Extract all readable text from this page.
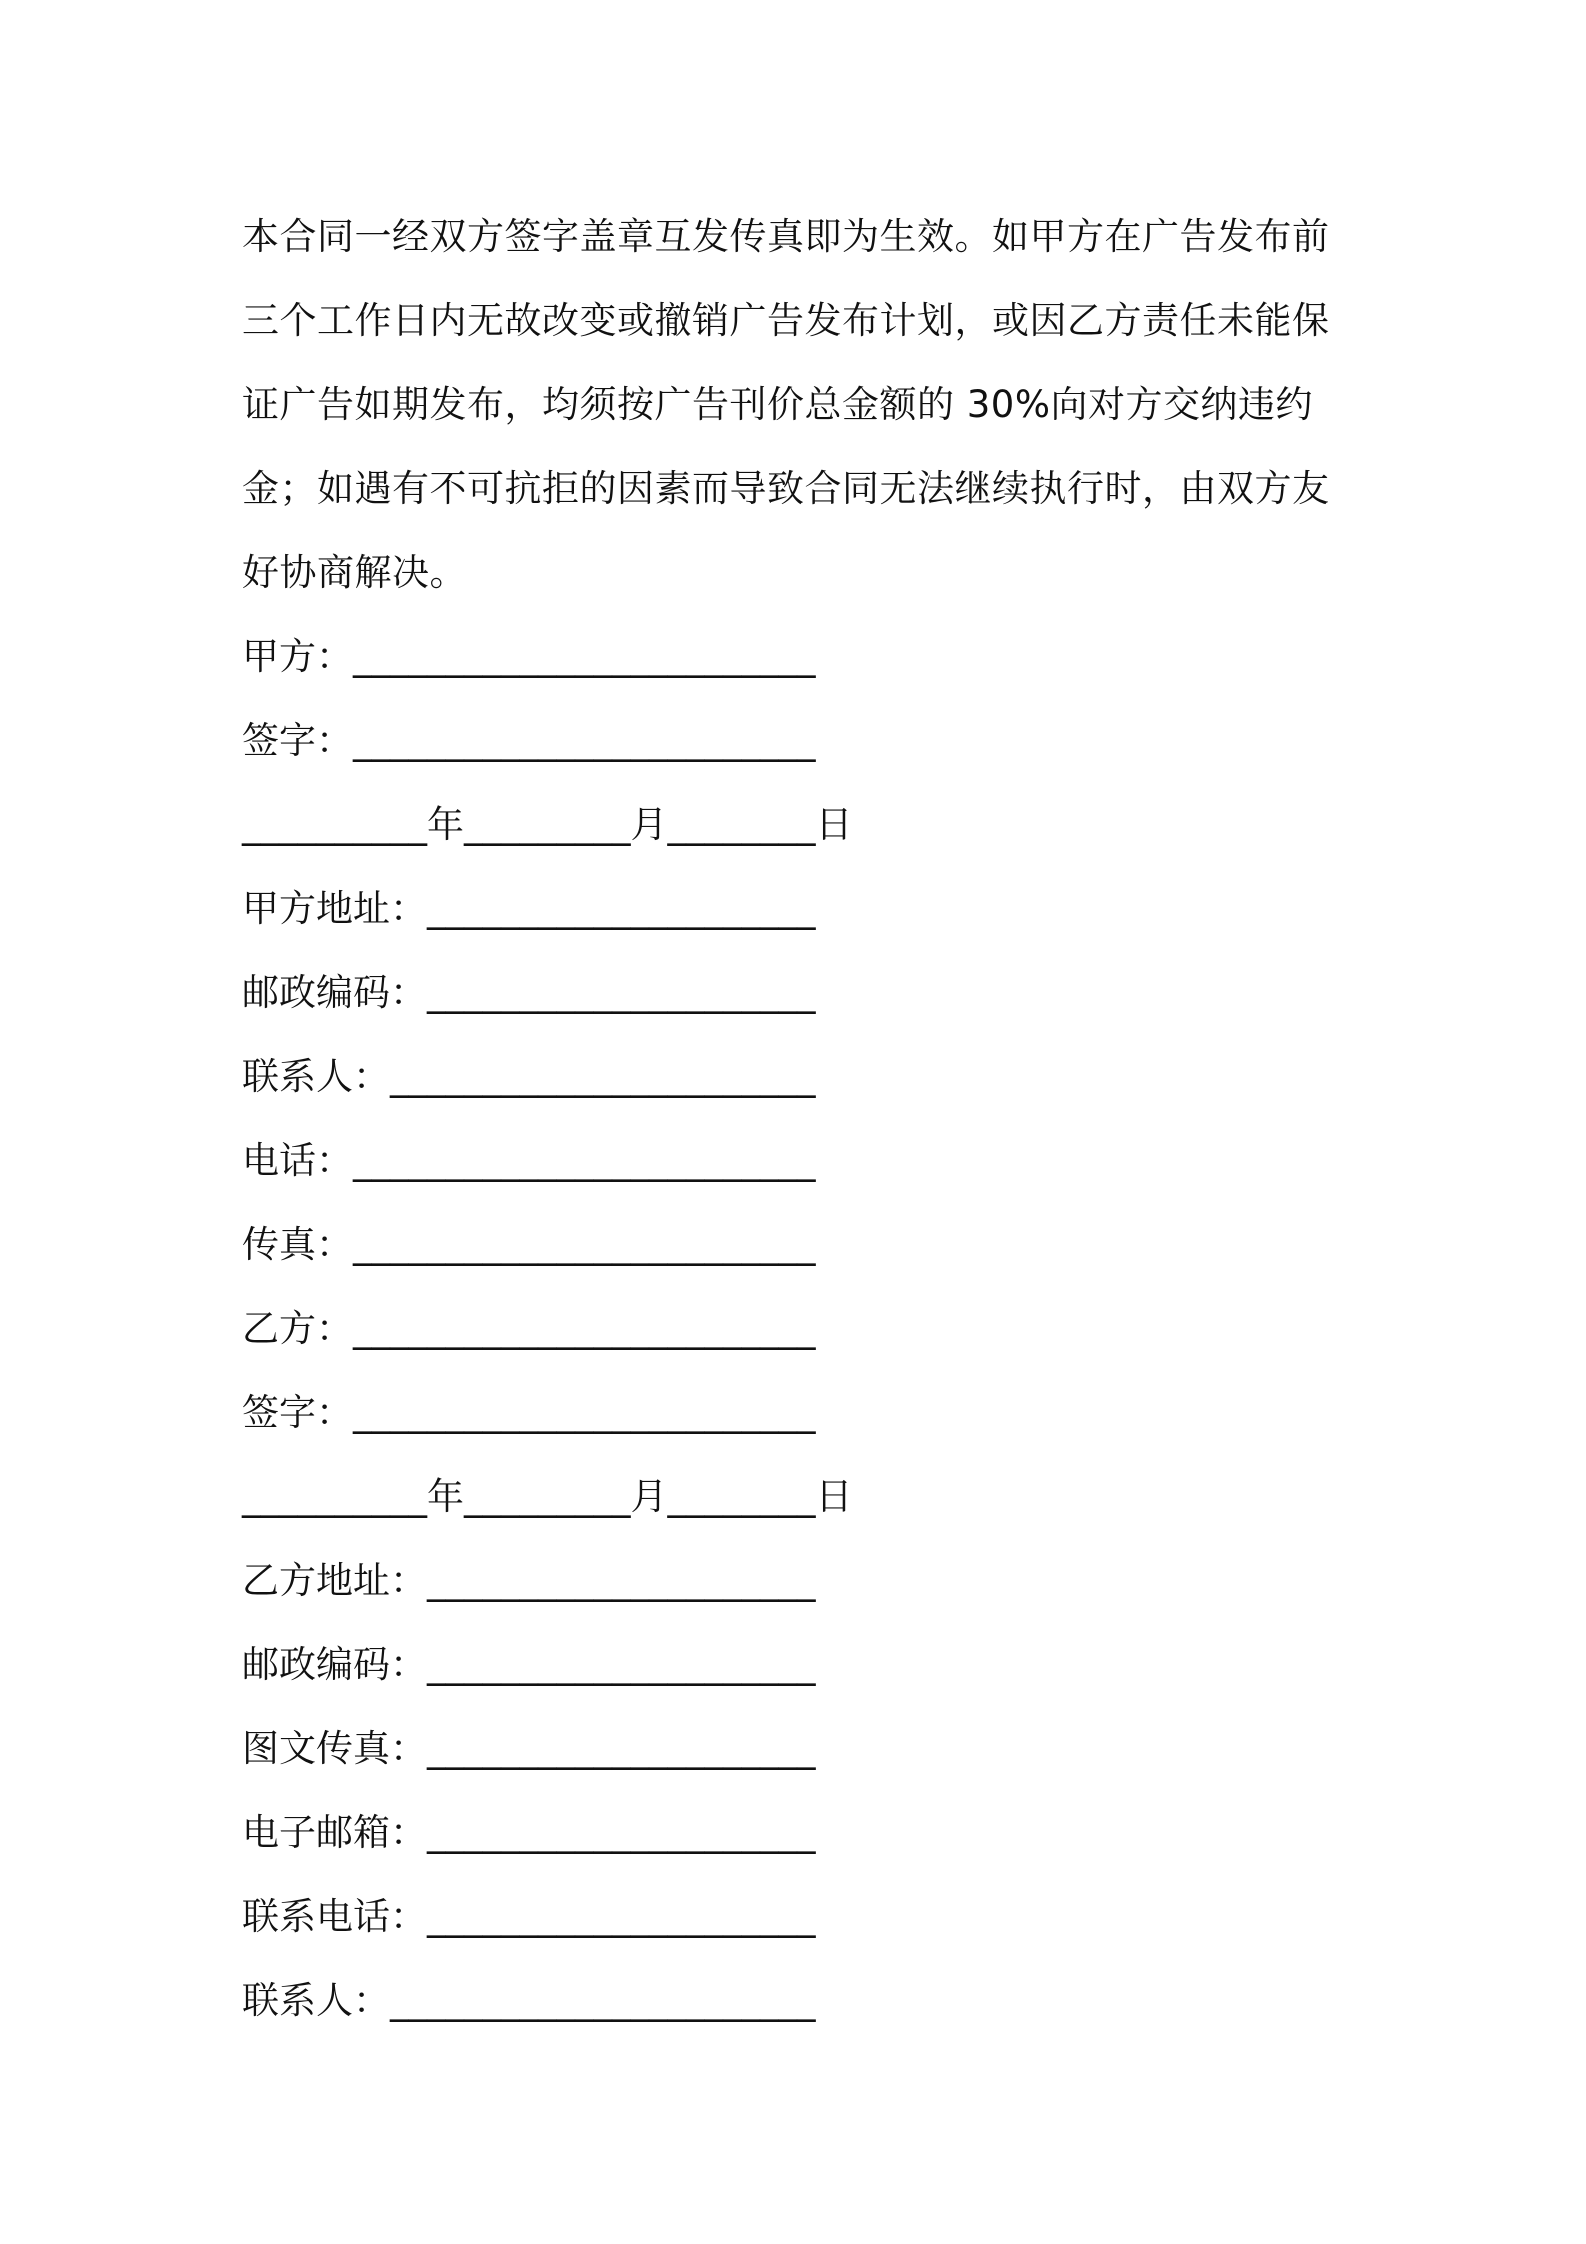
本合同一经双方签字盖章互发传真即为生效。如甲方在广告发布前三个工作日内无故改变或撤销广告发布计划，或因乙方责任未能保证广告如期发布，均须按广告刊价总金额的 30%向对方交纳违约金；如遇有不可抗拒的因素而导致合同无法继续执行时，由双方友好协商解决。

甲方：_________________________
签字：_________________________
__________年_________月________日
甲方地址：_____________________
邮政编码：_____________________
联系人：_______________________
电话：_________________________
传真：_________________________
乙方：_________________________
签字：_________________________
__________年_________月________日
乙方地址：_____________________
邮政编码：_____________________
图文传真：_____________________
电子邮箱：_____________________
联系电话：_____________________
联系人：_______________________
